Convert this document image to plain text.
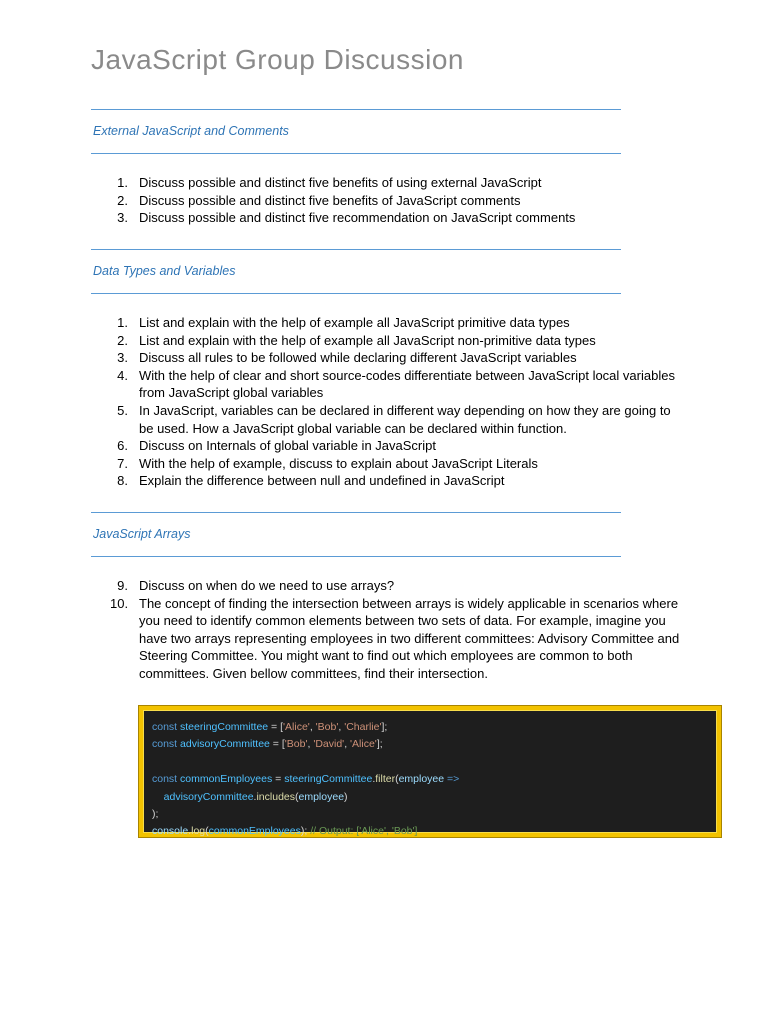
JavaScript Group Discussion
External JavaScript and Comments
1. Discuss possible and distinct five benefits of using external JavaScript
2. Discuss possible and distinct five benefits of JavaScript comments
3. Discuss possible and distinct five recommendation on JavaScript comments
Data Types and Variables
1. List and explain with the help of example all JavaScript primitive data types
2. List and explain with the help of example all JavaScript non-primitive data types
3. Discuss all rules to be followed while declaring different JavaScript variables
4. With the help of clear and short source-codes differentiate between JavaScript local variables from JavaScript global variables
5. In JavaScript, variables can be declared in different way depending on how they are going to be used. How a JavaScript global variable can be declared within function.
6. Discuss on Internals of global variable in JavaScript
7. With the help of example, discuss to explain about JavaScript Literals
8. Explain the difference between null and undefined in JavaScript
JavaScript Arrays
9. Discuss on when do we need to use arrays?
10. The concept of finding the intersection between arrays is widely applicable in scenarios where you need to identify common elements between two sets of data. For example, imagine you have two arrays representing employees in two different committees: Advisory Committee and Steering Committee. You might want to find out which employees are common to both committees. Given bellow committees, find their intersection.
const steeringCommittee = ['Alice', 'Bob', 'Charlie'];
const advisoryCommittee = ['Bob', 'David', 'Alice'];
const commonEmployees = steeringCommittee.filter(employee =>
advisoryCommittee.includes(employee)
);
console.log(commonEmployees); // Output: ['Alice', 'Bob']
